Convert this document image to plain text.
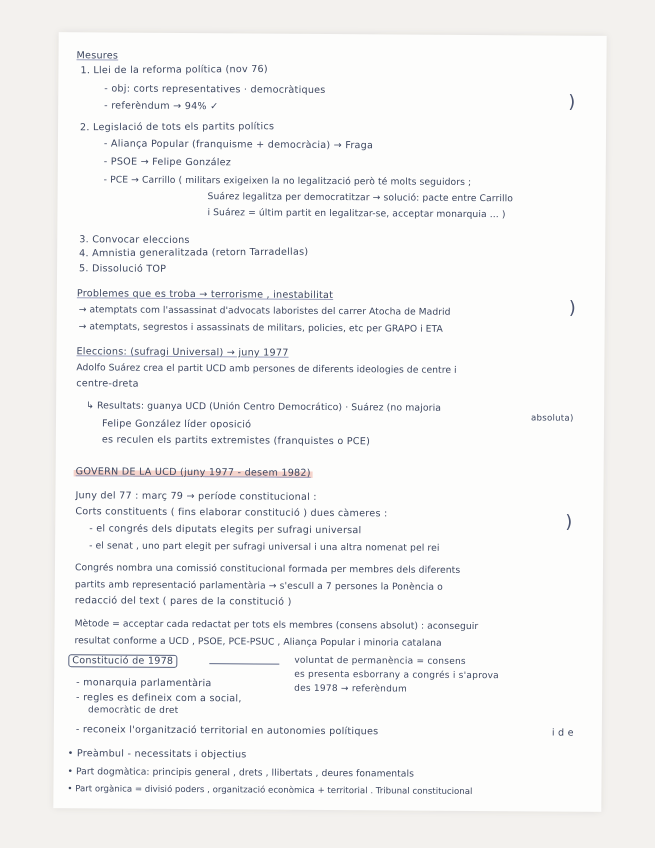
Mesures
1. Llei de la reforma política (nov 76)
- obj: corts representatives · democràtiques
- referèndum → 94% ✓	)
2. Legislació de tots els partits polítics
- Aliança Popular (franquisme + democràcia) → Fraga
- PSOE → Felipe González
- PCE → Carrillo ( militars exigeixen la no legalització però té molts seguidors ;
Suárez legalitza per democratitzar → solució: pacte entre Carrillo
i Suárez = últim partit en legalitzar-se, acceptar monarquia ... )
3. Convocar eleccions
4. Amnistia generalitzada (retorn Tarradellas)
5. Dissolució TOP
Problemes que es troba → terrorisme , inestabilitat
→ atemptats com l'assassinat d'advocats laboristes del carrer Atocha de Madrid
→ atemptats, segrestos i assassinats de militars, policies, etc per GRAPO i ETA
)
Eleccions: (sufragi Universal) → juny 1977
Adolfo Suárez crea el partit UCD amb persones de diferents ideologies de centre i
centre-dreta
↳ Resultats: guanya UCD (Unión Centro Democrático) · Suárez (no majoria
absoluta)
Felipe González líder oposició
es reculen els partits extremistes (franquistes o PCE)
GOVERN DE LA UCD (juny 1977 - desem 1982)
Juny del 77 : març 79 → període constitucional :
Corts constituents ( fins elaborar constitució ) dues càmeres :
- el congrés dels diputats elegits per sufragi universal
- el senat , uno part elegit per sufragi universal i una altra nomenat pel rei
)
Congrés nombra una comissió constitucional formada per membres dels diferents
partits amb representació parlamentària → s'escull a 7 persones la Ponència o
redacció del text ( pares de la constitució )
Mètode = acceptar cada redactat per tots els membres (consens absolut) : aconseguir
resultat conforme a UCD , PSOE, PCE-PSUC , Aliança Popular i minoria catalana
Constitució de 1978	voluntat de permanència = consens
es presenta esborrany a congrés i s'aprova
des 1978 → referèndum
- monarquia parlamentària
- regles es defineix com a social,
democràtic de dret
- reconeix l'organització territorial en autonomies polítiques	i d e
• Preàmbul - necessitats i objectius
• Part dogmàtica: principis general , drets , llibertats , deures fonamentals
• Part orgànica = divisió poders , organització econòmica + territorial . Tribunal constitucional
